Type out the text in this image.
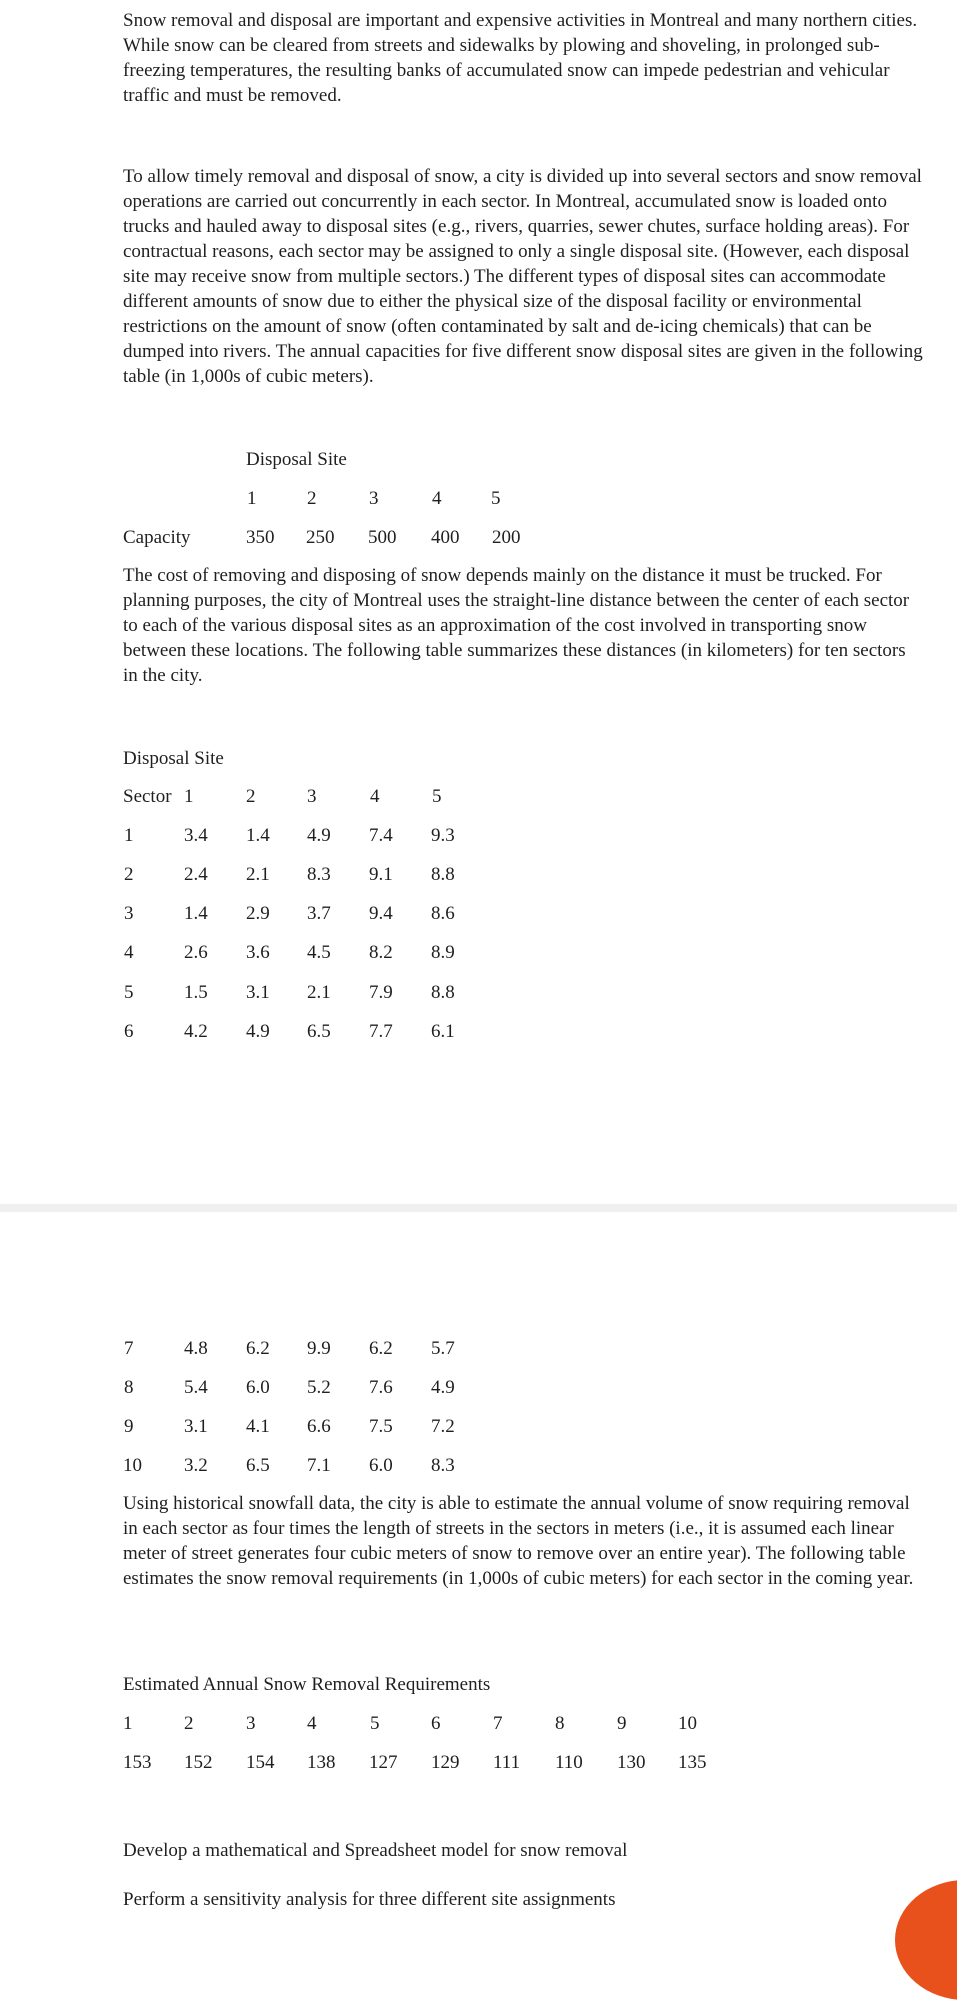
Snow removal and disposal are important and expensive activities in Montreal and many northern cities. While snow can be cleared from streets and sidewalks by plowing and shoveling, in prolonged sub-freezing temperatures, the resulting banks of accumulated snow can impede pedestrian and vehicular traffic and must be removed.

To allow timely removal and disposal of snow, a city is divided up into several sectors and snow removal operations are carried out concurrently in each sector. In Montreal, accumulated snow is loaded onto trucks and hauled away to disposal sites (e.g., rivers, quarries, sewer chutes, surface holding areas). For contractual reasons, each sector may be assigned to only a single disposal site. (However, each disposal site may receive snow from multiple sectors.) The different types of disposal sites can accommodate different amounts of snow due to either the physical size of the disposal facility or environmental restrictions on the amount of snow (often contaminated by salt and de-icing chemicals) that can be dumped into rivers. The annual capacities for five different snow disposal sites are given in the following table (in 1,000s of cubic meters).

Disposal Site
1	2	3	4	5
Capacity	350 250 500 400 200

The cost of removing and disposing of snow depends mainly on the distance it must be trucked. For planning purposes, the city of Montreal uses the straight-line distance between the center of each sector to each of the various disposal sites as an approximation of the cost involved in transporting snow between these locations. The following table summarizes these distances (in kilometers) for ten sectors in the city.

Disposal Site
Sector 1	2	3	4	5
1	3.4 1.4 4.9 7.4 9.3
2	2.4 2.1 8.3 9.1 8.8
3	1.4 2.9 3.7 9.4 8.6
4	2.6 3.6 4.5 8.2 8.9
5	1.5 3.1 2.1 7.9 8.8
6	4.2 4.9 6.5 7.7 6.1
7	4.8 6.2 9.9 6.2 5.7
8	5.4 6.0 5.2 7.6 4.9
9	3.1 4.1 6.6 7.5 7.2
10 3.2 6.5 7.1 6.0 8.3

Using historical snowfall data, the city is able to estimate the annual volume of snow requiring removal in each sector as four times the length of streets in the sectors in meters (i.e., it is assumed each linear meter of street generates four cubic meters of snow to remove over an entire year). The following table estimates the snow removal requirements (in 1,000s of cubic meters) for each sector in the coming year.

Estimated Annual Snow Removal Requirements
1	2	3	4	5	6	7	8	9	10
153 152 154 138 127 129 111 110 130 135
Develop a mathematical and Spreadsheet model for snow removal
Perform a sensitivity analysis for three different site assignments
